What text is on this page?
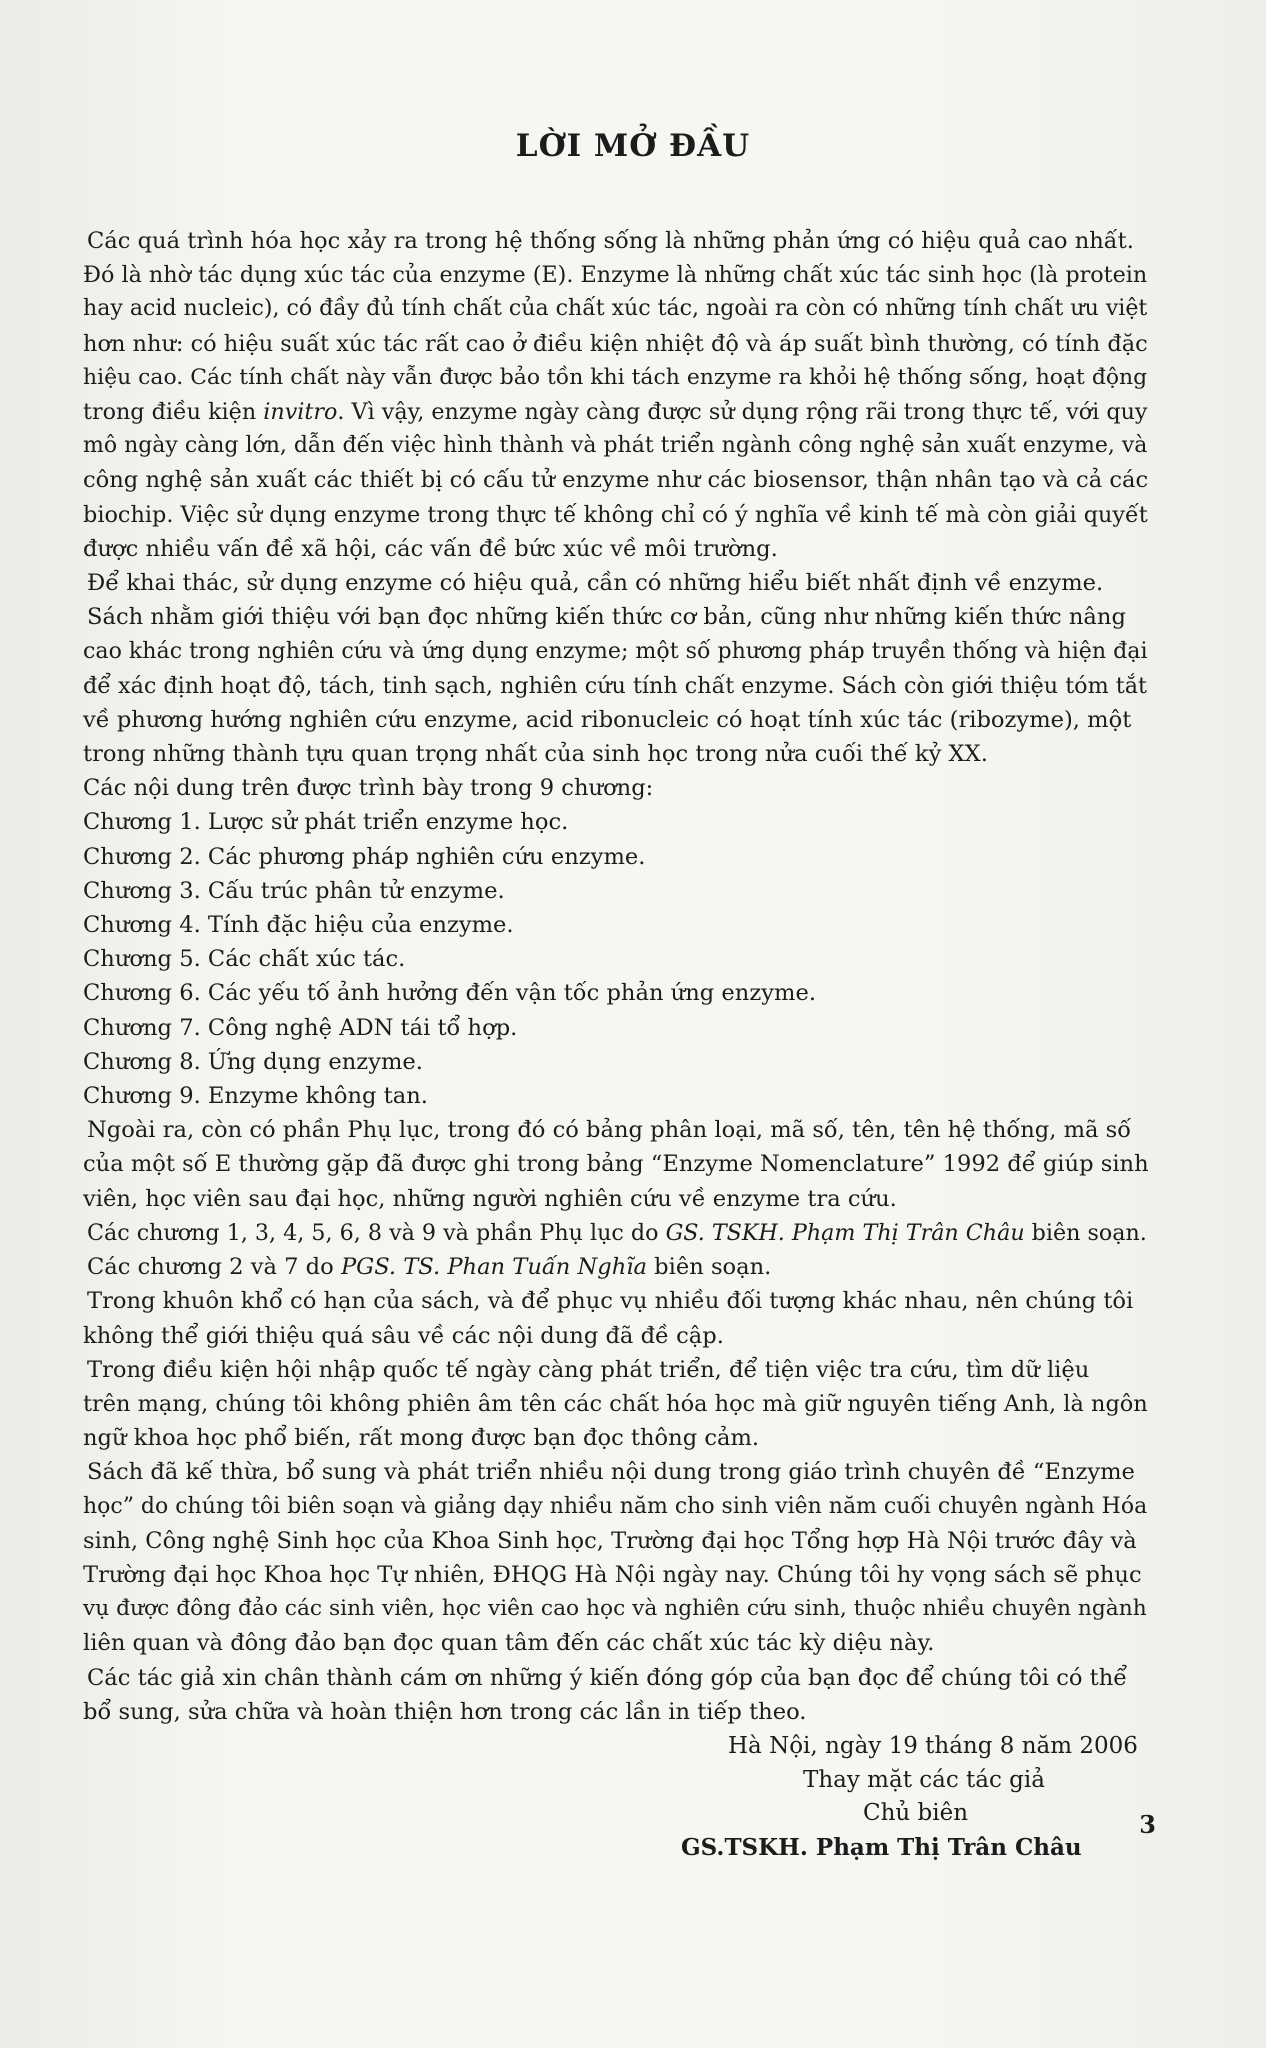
LỜI MỞ ĐẦU

Các quá trình hóa học xảy ra trong hệ thống sống là những phản ứng có hiệu quả cao nhất.
Đó là nhờ tác dụng xúc tác của enzyme (E). Enzyme là những chất xúc tác sinh học (là protein
hay acid nucleic), có đầy đủ tính chất của chất xúc tác, ngoài ra còn có những tính chất ưu việt
hơn như: có hiệu suất xúc tác rất cao ở điều kiện nhiệt độ và áp suất bình thường, có tính đặc
hiệu cao. Các tính chất này vẫn được bảo tồn khi tách enzyme ra khỏi hệ thống sống, hoạt động
trong điều kiện invitro. Vì vậy, enzyme ngày càng được sử dụng rộng rãi trong thực tế, với quy
mô ngày càng lớn, dẫn đến việc hình thành và phát triển ngành công nghệ sản xuất enzyme, và
công nghệ sản xuất các thiết bị có cấu tử enzyme như các biosensor, thận nhân tạo và cả các
biochip. Việc sử dụng enzyme trong thực tế không chỉ có ý nghĩa về kinh tế mà còn giải quyết
được nhiều vấn đề xã hội, các vấn đề bức xúc về môi trường.

Để khai thác, sử dụng enzyme có hiệu quả, cần có những hiểu biết nhất định về enzyme.

Sách nhằm giới thiệu với bạn đọc những kiến thức cơ bản, cũng như những kiến thức nâng
cao khác trong nghiên cứu và ứng dụng enzyme; một số phương pháp truyền thống và hiện đại
để xác định hoạt độ, tách, tinh sạch, nghiên cứu tính chất enzyme. Sách còn giới thiệu tóm tắt
về phương hướng nghiên cứu enzyme, acid ribonucleic có hoạt tính xúc tác (ribozyme), một
trong những thành tựu quan trọng nhất của sinh học trong nửa cuối thế kỷ XX.

Các nội dung trên được trình bày trong 9 chương:

Chương 1. Lược sử phát triển enzyme học.
Chương 2. Các phương pháp nghiên cứu enzyme.
Chương 3. Cấu trúc phân tử enzyme.
Chương 4. Tính đặc hiệu của enzyme.
Chương 5. Các chất xúc tác.
Chương 6. Các yếu tố ảnh hưởng đến vận tốc phản ứng enzyme.
Chương 7. Công nghệ ADN tái tổ hợp.
Chương 8. Ứng dụng enzyme.
Chương 9. Enzyme không tan.

Ngoài ra, còn có phần Phụ lục, trong đó có bảng phân loại, mã số, tên, tên hệ thống, mã số
của một số E thường gặp đã được ghi trong bảng “Enzyme Nomenclature” 1992 để giúp sinh
viên, học viên sau đại học, những người nghiên cứu về enzyme tra cứu.

Các chương 1, 3, 4, 5, 6, 8 và 9 và phần Phụ lục do GS. TSKH. Phạm Thị Trân Châu biên soạn.
Các chương 2 và 7 do PGS. TS. Phan Tuấn Nghĩa biên soạn.

Trong khuôn khổ có hạn của sách, và để phục vụ nhiều đối tượng khác nhau, nên chúng tôi
không thể giới thiệu quá sâu về các nội dung đã đề cập.

Trong điều kiện hội nhập quốc tế ngày càng phát triển, để tiện việc tra cứu, tìm dữ liệu
trên mạng, chúng tôi không phiên âm tên các chất hóa học mà giữ nguyên tiếng Anh, là ngôn
ngữ khoa học phổ biến, rất mong được bạn đọc thông cảm.

Sách đã kế thừa, bổ sung và phát triển nhiều nội dung trong giáo trình chuyên đề “Enzyme
học” do chúng tôi biên soạn và giảng dạy nhiều năm cho sinh viên năm cuối chuyên ngành Hóa
sinh, Công nghệ Sinh học của Khoa Sinh học, Trường đại học Tổng hợp Hà Nội trước đây và
Trường đại học Khoa học Tự nhiên, ĐHQG Hà Nội ngày nay. Chúng tôi hy vọng sách sẽ phục
vụ được đông đảo các sinh viên, học viên cao học và nghiên cứu sinh, thuộc nhiều chuyên ngành
liên quan và đông đảo bạn đọc quan tâm đến các chất xúc tác kỳ diệu này.

Các tác giả xin chân thành cám ơn những ý kiến đóng góp của bạn đọc để chúng tôi có thể
bổ sung, sửa chữa và hoàn thiện hơn trong các lần in tiếp theo.

Hà Nội, ngày 19 tháng 8 năm 2006
Thay mặt các tác giả
Chủ biên
GS.TSKH. Phạm Thị Trân Châu
3
